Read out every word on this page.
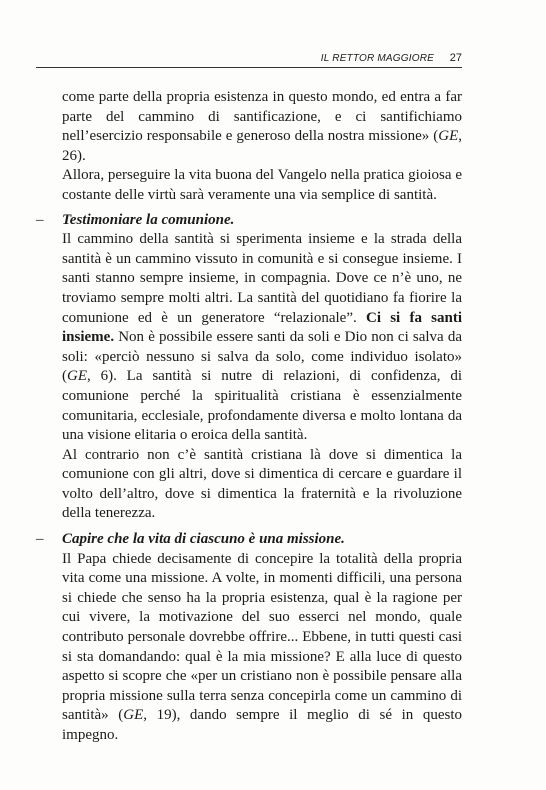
IL RETTOR MAGGIORE 27

come parte della propria esistenza in questo mondo, ed entra a far parte del cammino di santificazione, e ci santifichiamo nell’esercizio responsabile e generoso della nostra missione» (GE, 26).

Allora, perseguire la vita buona del Vangelo nella pratica gioiosa e costante delle virtù sarà veramente una via semplice di santità.

– Testimoniare la comunione.

Il cammino della santità si sperimenta insieme e la strada della santità è un cammino vissuto in comunità e si consegue insieme. I santi stanno sempre insieme, in compagnia. Dove ce n’è uno, ne troviamo sempre molti altri. La santità del quotidiano fa fiorire la comunione ed è un generatore “relazionale”. Ci si fa santi insieme. Non è possibile essere santi da soli e Dio non ci salva da soli: «perciò nessuno si salva da solo, come individuo isolato» (GE, 6). La santità si nutre di relazioni, di confidenza, di comunione perché la spiritualità cristiana è essenzialmente comunitaria, ecclesiale, profondamente diversa e molto lontana da una visione elitaria o eroica della santità.

Al contrario non c’è santità cristiana là dove si dimentica la comunione con gli altri, dove si dimentica di cercare e guardare il volto dell’altro, dove si dimentica la fraternità e la rivoluzione della tenerezza.

– Capire che la vita di ciascuno è una missione.

Il Papa chiede decisamente di concepire la totalità della propria vita come una missione. A volte, in momenti difficili, una persona si chiede che senso ha la propria esistenza, qual è la ragione per cui vivere, la motivazione del suo esserci nel mondo, quale contributo personale dovrebbe offrire... Ebbene, in tutti questi casi si sta domandando: qual è la mia missione? E alla luce di questo aspetto si scopre che «per un cristiano non è possibile pensare alla propria missione sulla terra senza concepirla come un cammino di santità» (GE, 19), dando sempre il meglio di sé in questo impegno.
